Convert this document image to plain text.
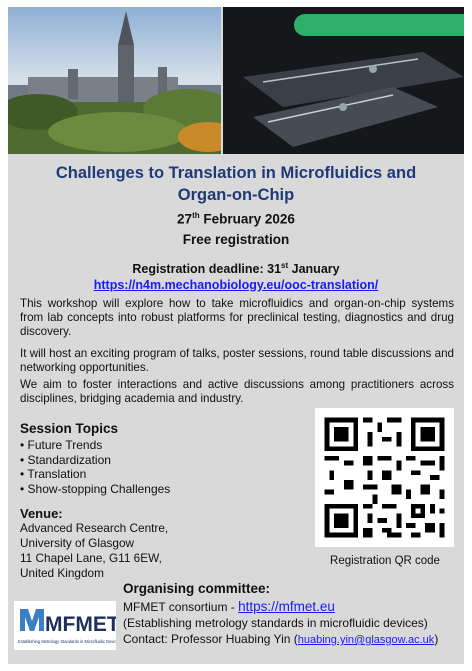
Challenges to Translation in Microfluidics and
Organ-on-Chip
27th February 2026
Free registration
Registration deadline: 31st January
https://n4m.mechanobiology.eu/ooc-translation/

This workshop will explore how to take microfluidics and organ-on-chip systems from lab concepts into robust platforms for preclinical testing, diagnostics and drug discovery.

It will host an exciting program of talks, poster sessions, round table discussions and networking opportunities.

We aim to foster interactions and active discussions among practitioners across disciplines, bridging academia and industry.

Session Topics
• Future Trends
• Standardization
• Translation
• Show-stopping Challenges
Venue:
Advanced Research Centre,
University of Glasgow
11 Chapel Lane, G11 6EW,
United Kingdom
Registration QR code
Organising committee:
MFMET
Establishing Metrology Standards in Microfluidic Devices
MFMET consortium - https://mfmet.eu
(Establishing metrology standards in microfluidic devices)
Contact: Professor Huabing Yin (huabing.yin@glasgow.ac.uk)
